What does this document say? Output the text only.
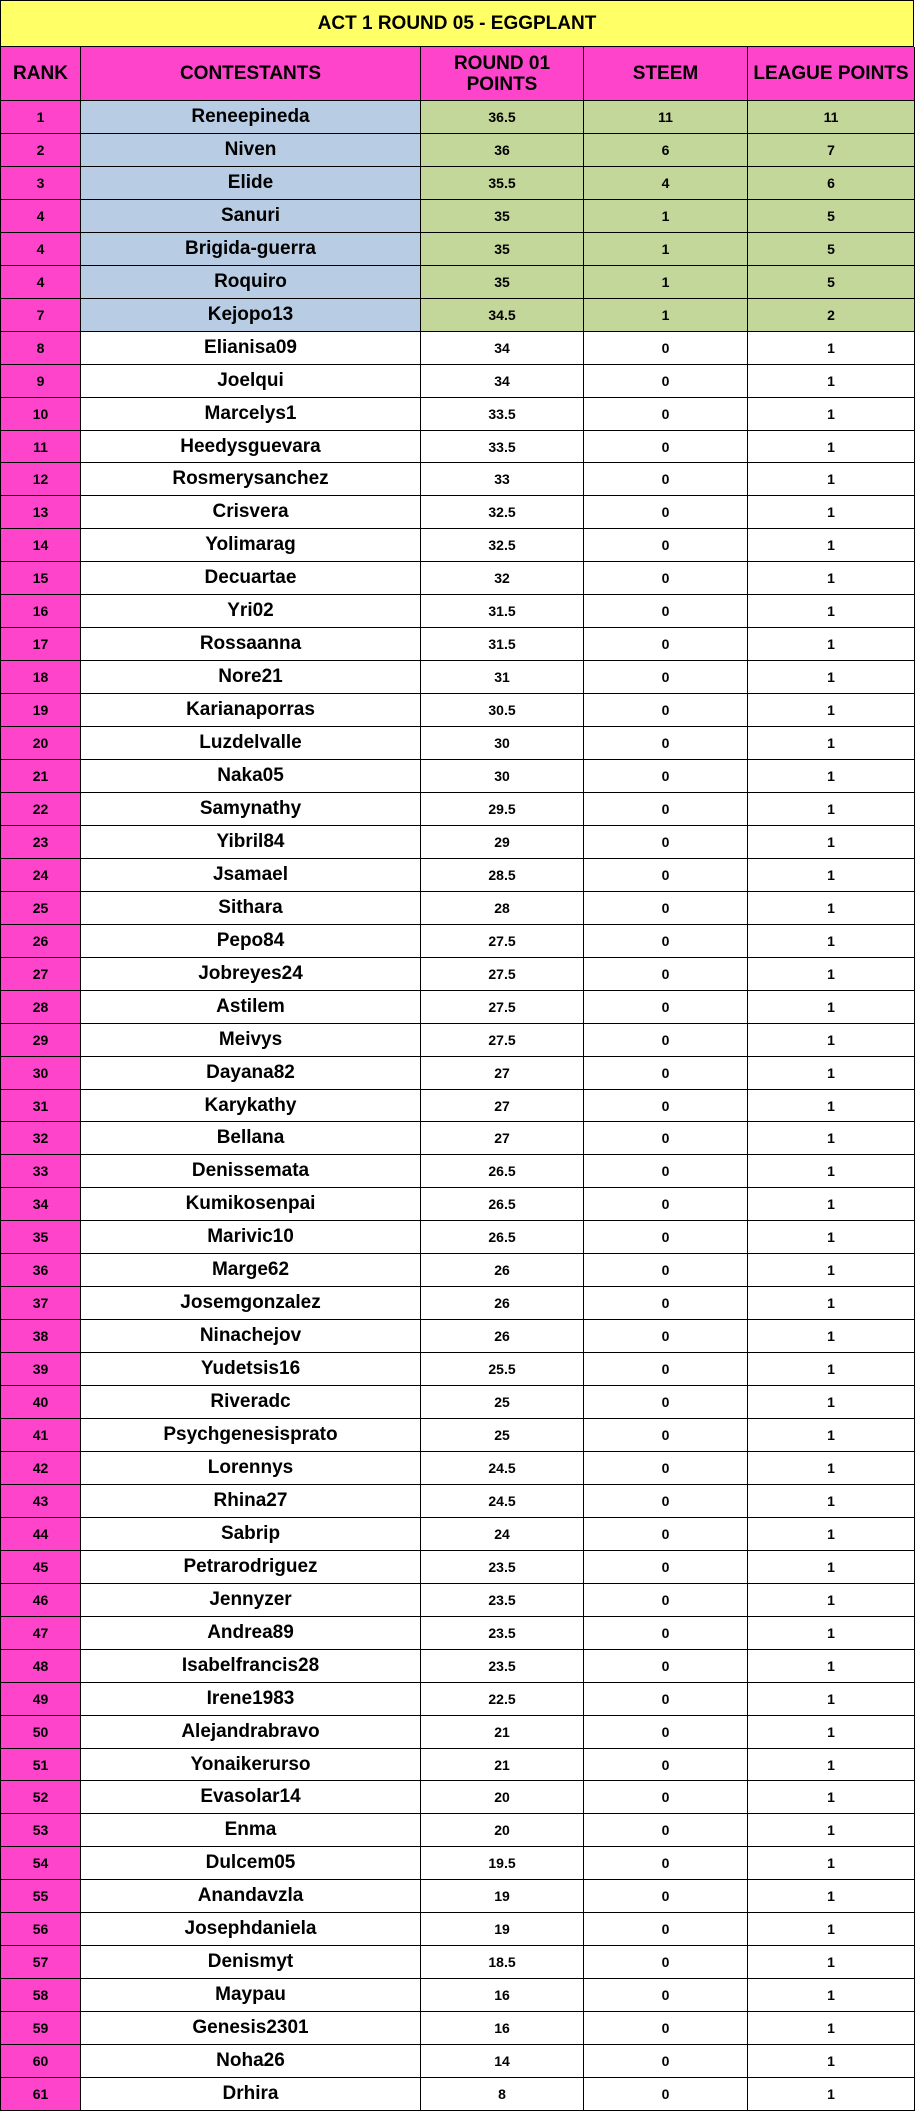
ACT 1 ROUND 05 - EGGPLANT
RANK	CONTESTANTS	ROUND 01 POINTS	STEEM	LEAGUE POINTS
1	Reneepineda	36.5	11	11
2	Niven	36	6	7
3	Elide	35.5	4	6
4	Sanuri	35	1	5
4	Brigida-guerra	35	1	5
4	Roquiro	35	1	5
7	Kejopo13	34.5	1	2
8	Elianisa09	34	0	1
9	Joelqui	34	0	1
10	Marcelys1	33.5	0	1
11	Heedysguevara	33.5	0	1
12	Rosmerysanchez	33	0	1
13	Crisvera	32.5	0	1
14	Yolimarag	32.5	0	1
15	Decuartae	32	0	1
16	Yri02	31.5	0	1
17	Rossaanna	31.5	0	1
18	Nore21	31	0	1
19	Karianaporras	30.5	0	1
20	Luzdelvalle	30	0	1
21	Naka05	30	0	1
22	Samynathy	29.5	0	1
23	Yibril84	29	0	1
24	Jsamael	28.5	0	1
25	Sithara	28	0	1
26	Pepo84	27.5	0	1
27	Jobreyes24	27.5	0	1
28	Astilem	27.5	0	1
29	Meivys	27.5	0	1
30	Dayana82	27	0	1
31	Karykathy	27	0	1
32	Bellana	27	0	1
33	Denissemata	26.5	0	1
34	Kumikosenpai	26.5	0	1
35	Marivic10	26.5	0	1
36	Marge62	26	0	1
37	Josemgonzalez	26	0	1
38	Ninachejov	26	0	1
39	Yudetsis16	25.5	0	1
40	Riveradc	25	0	1
41	Psychgenesisprato	25	0	1
42	Lorennys	24.5	0	1
43	Rhina27	24.5	0	1
44	Sabrip	24	0	1
45	Petrarodriguez	23.5	0	1
46	Jennyzer	23.5	0	1
47	Andrea89	23.5	0	1
48	Isabelfrancis28	23.5	0	1
49	Irene1983	22.5	0	1
50	Alejandrabravo	21	0	1
51	Yonaikerurso	21	0	1
52	Evasolar14	20	0	1
53	Enma	20	0	1
54	Dulcem05	19.5	0	1
55	Anandavzla	19	0	1
56	Josephdaniela	19	0	1
57	Denismyt	18.5	0	1
58	Maypau	16	0	1
59	Genesis2301	16	0	1
60	Noha26	14	0	1
61	Drhira	8	0	1
